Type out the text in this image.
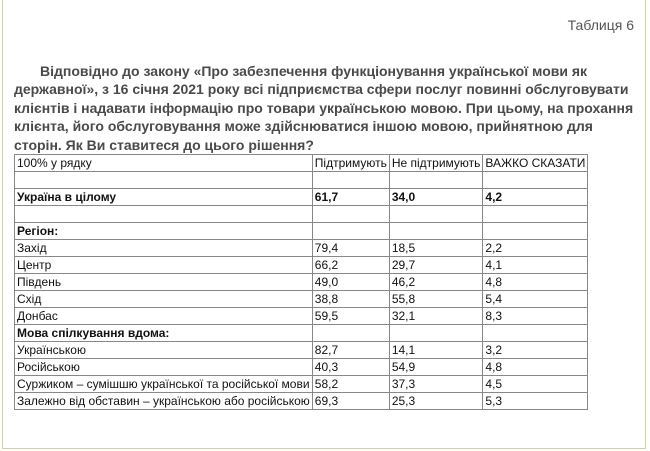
Таблиця 6
Відповідно до закону «Про забезпечення функціонування української мови як державної», з 16 січня 2021 року всі підприємства сфери послуг повинні обслуговувати клієнтів і надавати інформацію про товари українською мовою. При цьому, на прохання клієнта, його обслуговування може здійснюватися іншою мовою, прийнятною для сторін. Як Ви ставитеся до цього рішення?
100% у рядку	Підтримують	Не підтримують	ВАЖКО СКАЗАТИ

Україна в цілому	61,7	34,0	4,2

Регіон:			
Захід	79,4	18,5	2,2
Центр	66,2	29,7	4,1
Південь	49,0	46,2	4,8
Схід	38,8	55,8	5,4
Донбас	59,5	32,1	8,3
Мова спілкування вдома:			
Українською	82,7	14,1	3,2
Російською	40,3	54,9	4,8
Суржиком – сумішшю української та російської мови	58,2	37,3	4,5
Залежно від обставин – українською або російською	69,3	25,3	5,3
